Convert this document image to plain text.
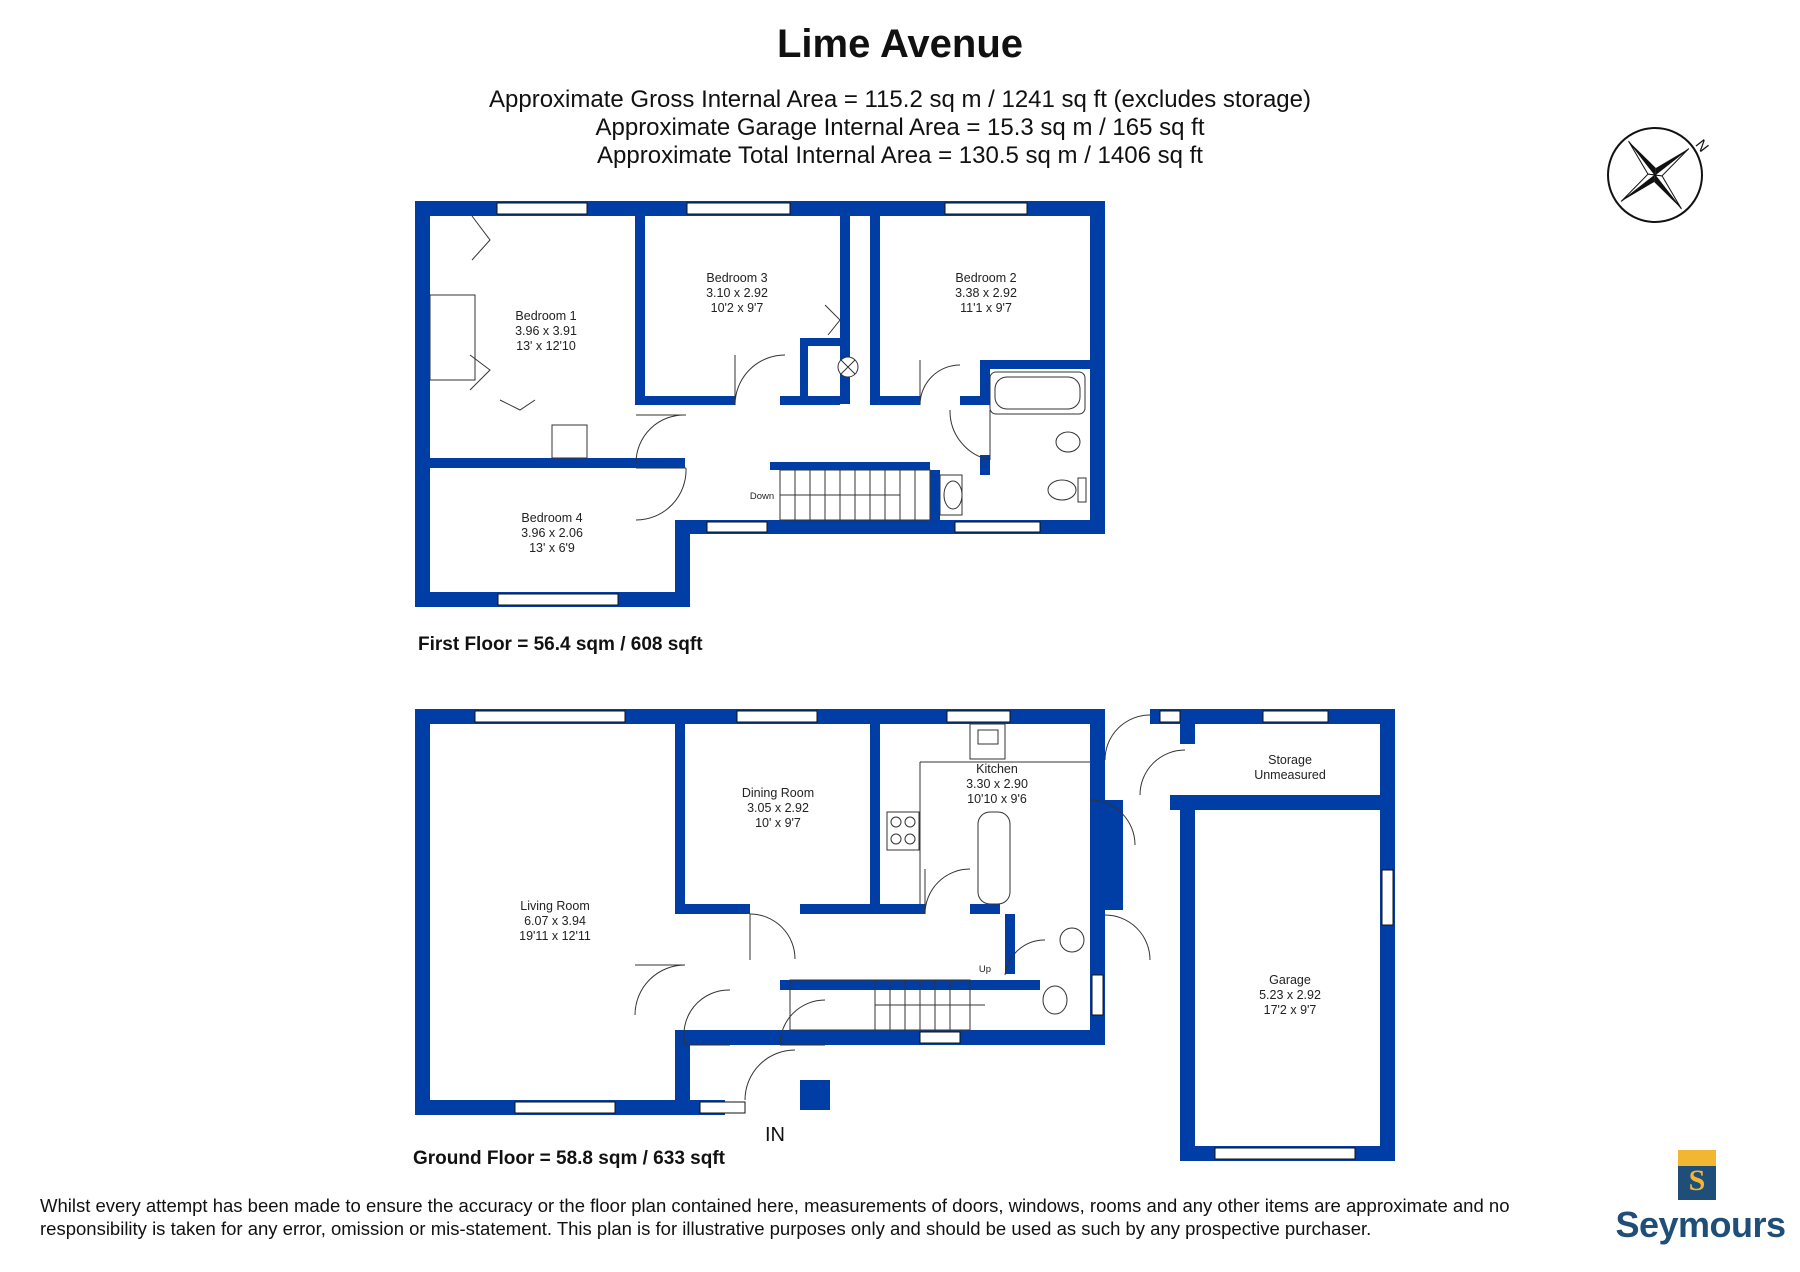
Lime Avenue
Approximate Gross Internal Area = 115.2 sq m / 1241 sq ft (excludes storage)
Approximate Garage Internal Area = 15.3 sq m / 165 sq ft
Approximate Total Internal Area = 130.5 sq m / 1406 sq ft	N
Bedroom 1
3.96 x 3.91
13' x 12'10
Bedroom 3
3.10 x 2.92
10'2 x 9'7
Bedroom 2
3.38 x 2.92
11'1 x 9'7
Bedroom 4
3.96 x 2.06
13' x 6'9
Down
Living Room
6.07 x 3.94
19'11 x 12'11
Dining Room
3.05 x 2.92
10' x 9'7
Kitchen
3.30 x 2.90
10'10 x 9'6
Storage
Unmeasured
Garage
5.23 x 2.92
17'2 x 9'7
Up
First Floor = 56.4 sqm / 608 sqft
Ground Floor = 58.8 sqm / 633 sqft
IN
Whilst every attempt has been made to ensure the accuracy or the floor plan contained here, measurements of doors, windows, rooms and any other items are approximate and no responsibility is taken for any error, omission or mis-statement. This plan is for illustrative purposes only and should be used as such by any prospective purchaser.
S
Seymours
